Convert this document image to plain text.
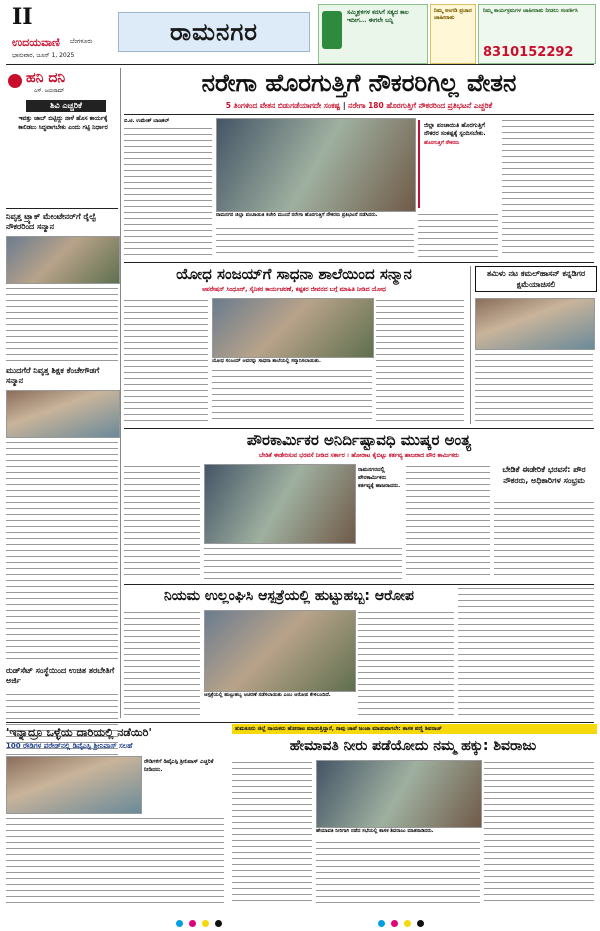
II
ಉದಯವಾಣಿ ಬೆಂಗಳೂರು
ಭಾನುವಾರ, ಜೂನ್ 1, 2025
ರಾಮನಗರ
ಸಮ್ಮಿಶ್ರಳಿಗಳ ಕನಸಿಗೆ ಸತ್ಯದ ಕಾಲ ಇದೀಗ... ಈಗಲೇ ಬನ್ನಿ
ನಿಮ್ಮ ಅಂಗಡಿ ಪ್ರಚಾರ ಜಾಹೀರಾತು
ನಿಮ್ಮ ಕಾರ್ಯಕ್ರಮಗಳ ಜಾಹೀರಾತು ನೀಡಲು ಸಂಪರ್ಕಿಸಿ
8310152292
ಹನಿ ದನಿ
ಎಸ್. ಜಯರಾಮ್
ಶಿವಿ ಎಚ್ಚರಿಕೆ
ಇವತ್ತು ಜಾಬ್ ಬಿಟ್ಟಿದ್ದು ನಾಳೆ ಹೊಸ ಕಾರ್ಯಕ್ಕೆ ಕಾಲಿಡಲು ಸಿದ್ಧವಾಗಬೇಕು ಎಂದು ಗಟ್ಟಿ ನಿರ್ಧಾರ
ನಿವೃತ್ತ ಟ್ರ್ಯಾಕ್ ಮೇಂಟೇನರ್‌ಗೆ ರೈಲ್ವೆ ನೌಕರರಿಂದ ಸನ್ಮಾನ
ಮುದಗೆರೆ ನಿವೃತ್ತ ಶಿಕ್ಷಕ ಕೆಂಚೇಗೌಡಗೆ ಸನ್ಮಾನ
ರುಡ್‌ಸೆಟ್ ಸಂಸ್ಥೆಯಿಂದ ಉಚಿತ ತರಬೇತಿಗೆ ಅರ್ಜಿ
ನರೇಗಾ ಹೊರಗುತ್ತಿಗೆ ನೌಕರರಿಗಿಲ್ಲ ವೇತನ
5 ತಿಂಗಳಿಂದ ವೇತನ ಬಿಡುಗಡೆಯಾಗದೇ ಸಂಕಷ್ಟ | ನರೇಗಾ 180 ಹೊರಗುತ್ತಿಗೆ ನೌಕರರಿಂದ ಪ್ರತಿಭಟನೆ ಎಚ್ಚರಿಕೆ
ಬಿ.ಟಿ. ಉಮೇಶ್ ಬಾಣಕಲ್
ರಾಮನಗರ ಜಿಲ್ಲಾ ಪಂಚಾಯಿತಿ ಕಚೇರಿ ಮುಂದೆ ನರೇಗಾ ಹೊರಗುತ್ತಿಗೆ ನೌಕರರು ಪ್ರತಿಭಟನೆ ನಡೆಸಿದರು.
ಜಿಲ್ಲಾ ಪಂಚಾಯಿತಿ ಹೊರಗುತ್ತಿಗೆ ನೌಕರರ ಸಂಕಷ್ಟಕ್ಕೆ ಸ್ಪಂದಿಸಬೇಕು.
ಹೊರಗುತ್ತಿಗೆ ನೌಕರರು
ಯೋಧ ಸಂಜಯ್‌ಗೆ ಸಾಧನಾ ಶಾಲೆಯಿಂದ ಸನ್ಮಾನ
ಆಪರೇಷನ್ ಸಿಂಧೂರ್, ಸೈನಿಕರ ಕಾರ್ಯಚರಣೆ, ಕಷ್ಟಕರ ಜೀವನದ ಬಗ್ಗೆ ಮಾಹಿತಿ ನೀಡಿದ ಯೋಧ
ಯೋಧ ಸಂಜಯ್ ಅವರನ್ನು ಸಾಧನಾ ಶಾಲೆಯಲ್ಲಿ ಸನ್ಮಾನಿಸಲಾಯಿತು.
ತಮಿಳು ನಟ ಕಮಲ್‌ಹಾಸನ್ ಕನ್ನಡಿಗರ ಕ್ಷಮೆಯಾಚಿಸಲಿ
ಪೌರಕಾರ್ಮಿಕರ ಅನಿರ್ದಿಷ್ಟಾವಧಿ ಮುಷ್ಕರ ಅಂತ್ಯ
ಬೇಡಿಕೆ ಈಡೇರಿಸುವ ಭರವಸೆ ನೀಡಿದ ಸರ್ಕಾರ । ಹೋರಾಟ ಕೈಬಿಟ್ಟು ಕರ್ತವ್ಯ ಹಾಜರಾದ ಪೌರ ಕಾರ್ಮಿಕರು
ರಾಮನಗರದಲ್ಲಿ ಪೌರಕಾರ್ಮಿಕರು ಕರ್ತವ್ಯಕ್ಕೆ ಹಾಜರಾದರು.
ಬೇಡಿಕೆ ಈಡೇರಿಕೆ ಭರವಸೆ: ಪೌರ ನೌಕರರು, ಅಧಿಕಾರಿಗಳ ಸಂಭ್ರಮ
ನಿಯಮ ಉಲ್ಲಂಘಿಸಿ ಆಸ್ಪತ್ರೆಯಲ್ಲಿ ಹುಟ್ಟುಹಬ್ಬ: ಆರೋಪ
ಆಸ್ಪತ್ರೆಯಲ್ಲಿ ಹುಟ್ಟುಹಬ್ಬ ಆಚರಣೆ ನಡೆಸಲಾಯಿತು ಎಂಬ ಆರೋಪ ಕೇಳಿಬಂದಿದೆ.
'ಇನ್ನಾದ್ರೂ ಒಳ್ಳೆಯ ದಾರಿಯಲ್ಲಿ ನಡೆಯಿರಿ'
100 ರೌಡಿಗಳ ಪರೇಡ್‌ನಲ್ಲಿ ಡಿವೈಎಸ್ಪಿ ಶ್ರೀನಿವಾಸ್ ಸಲಹೆ
ರೌಡಿಗಳಿಗೆ ಡಿವೈಎಸ್ಪಿ ಶ್ರೀನಿವಾಸ್ ಎಚ್ಚರಿಕೆ ನೀಡಿದರು.
ತುಮಕೂರು ಜಿಲ್ಲೆ ನಾಯಕರು ಹೋರಾಟ ಮಾಡುತ್ತಿದ್ದಾರೆ, ನಾವು ಚಾಪೆ ಜಂಜಾ ಮಾಡುವಾಗಲೇ: ಶಾಸಕ ಪಣ್ಣಿ ಶಿವರಾಜ್
ಹೇಮಾವತಿ ನೀರು ಪಡೆಯೋದು ನಮ್ಮ ಹಕ್ಕು: ಶಿವರಾಜು
ಹೇಮಾವತಿ ನೀರಿಗಾಗಿ ನಡೆದ ಸಭೆಯಲ್ಲಿ ಶಾಸಕ ಶಿವರಾಜು ಮಾತನಾಡಿದರು.
